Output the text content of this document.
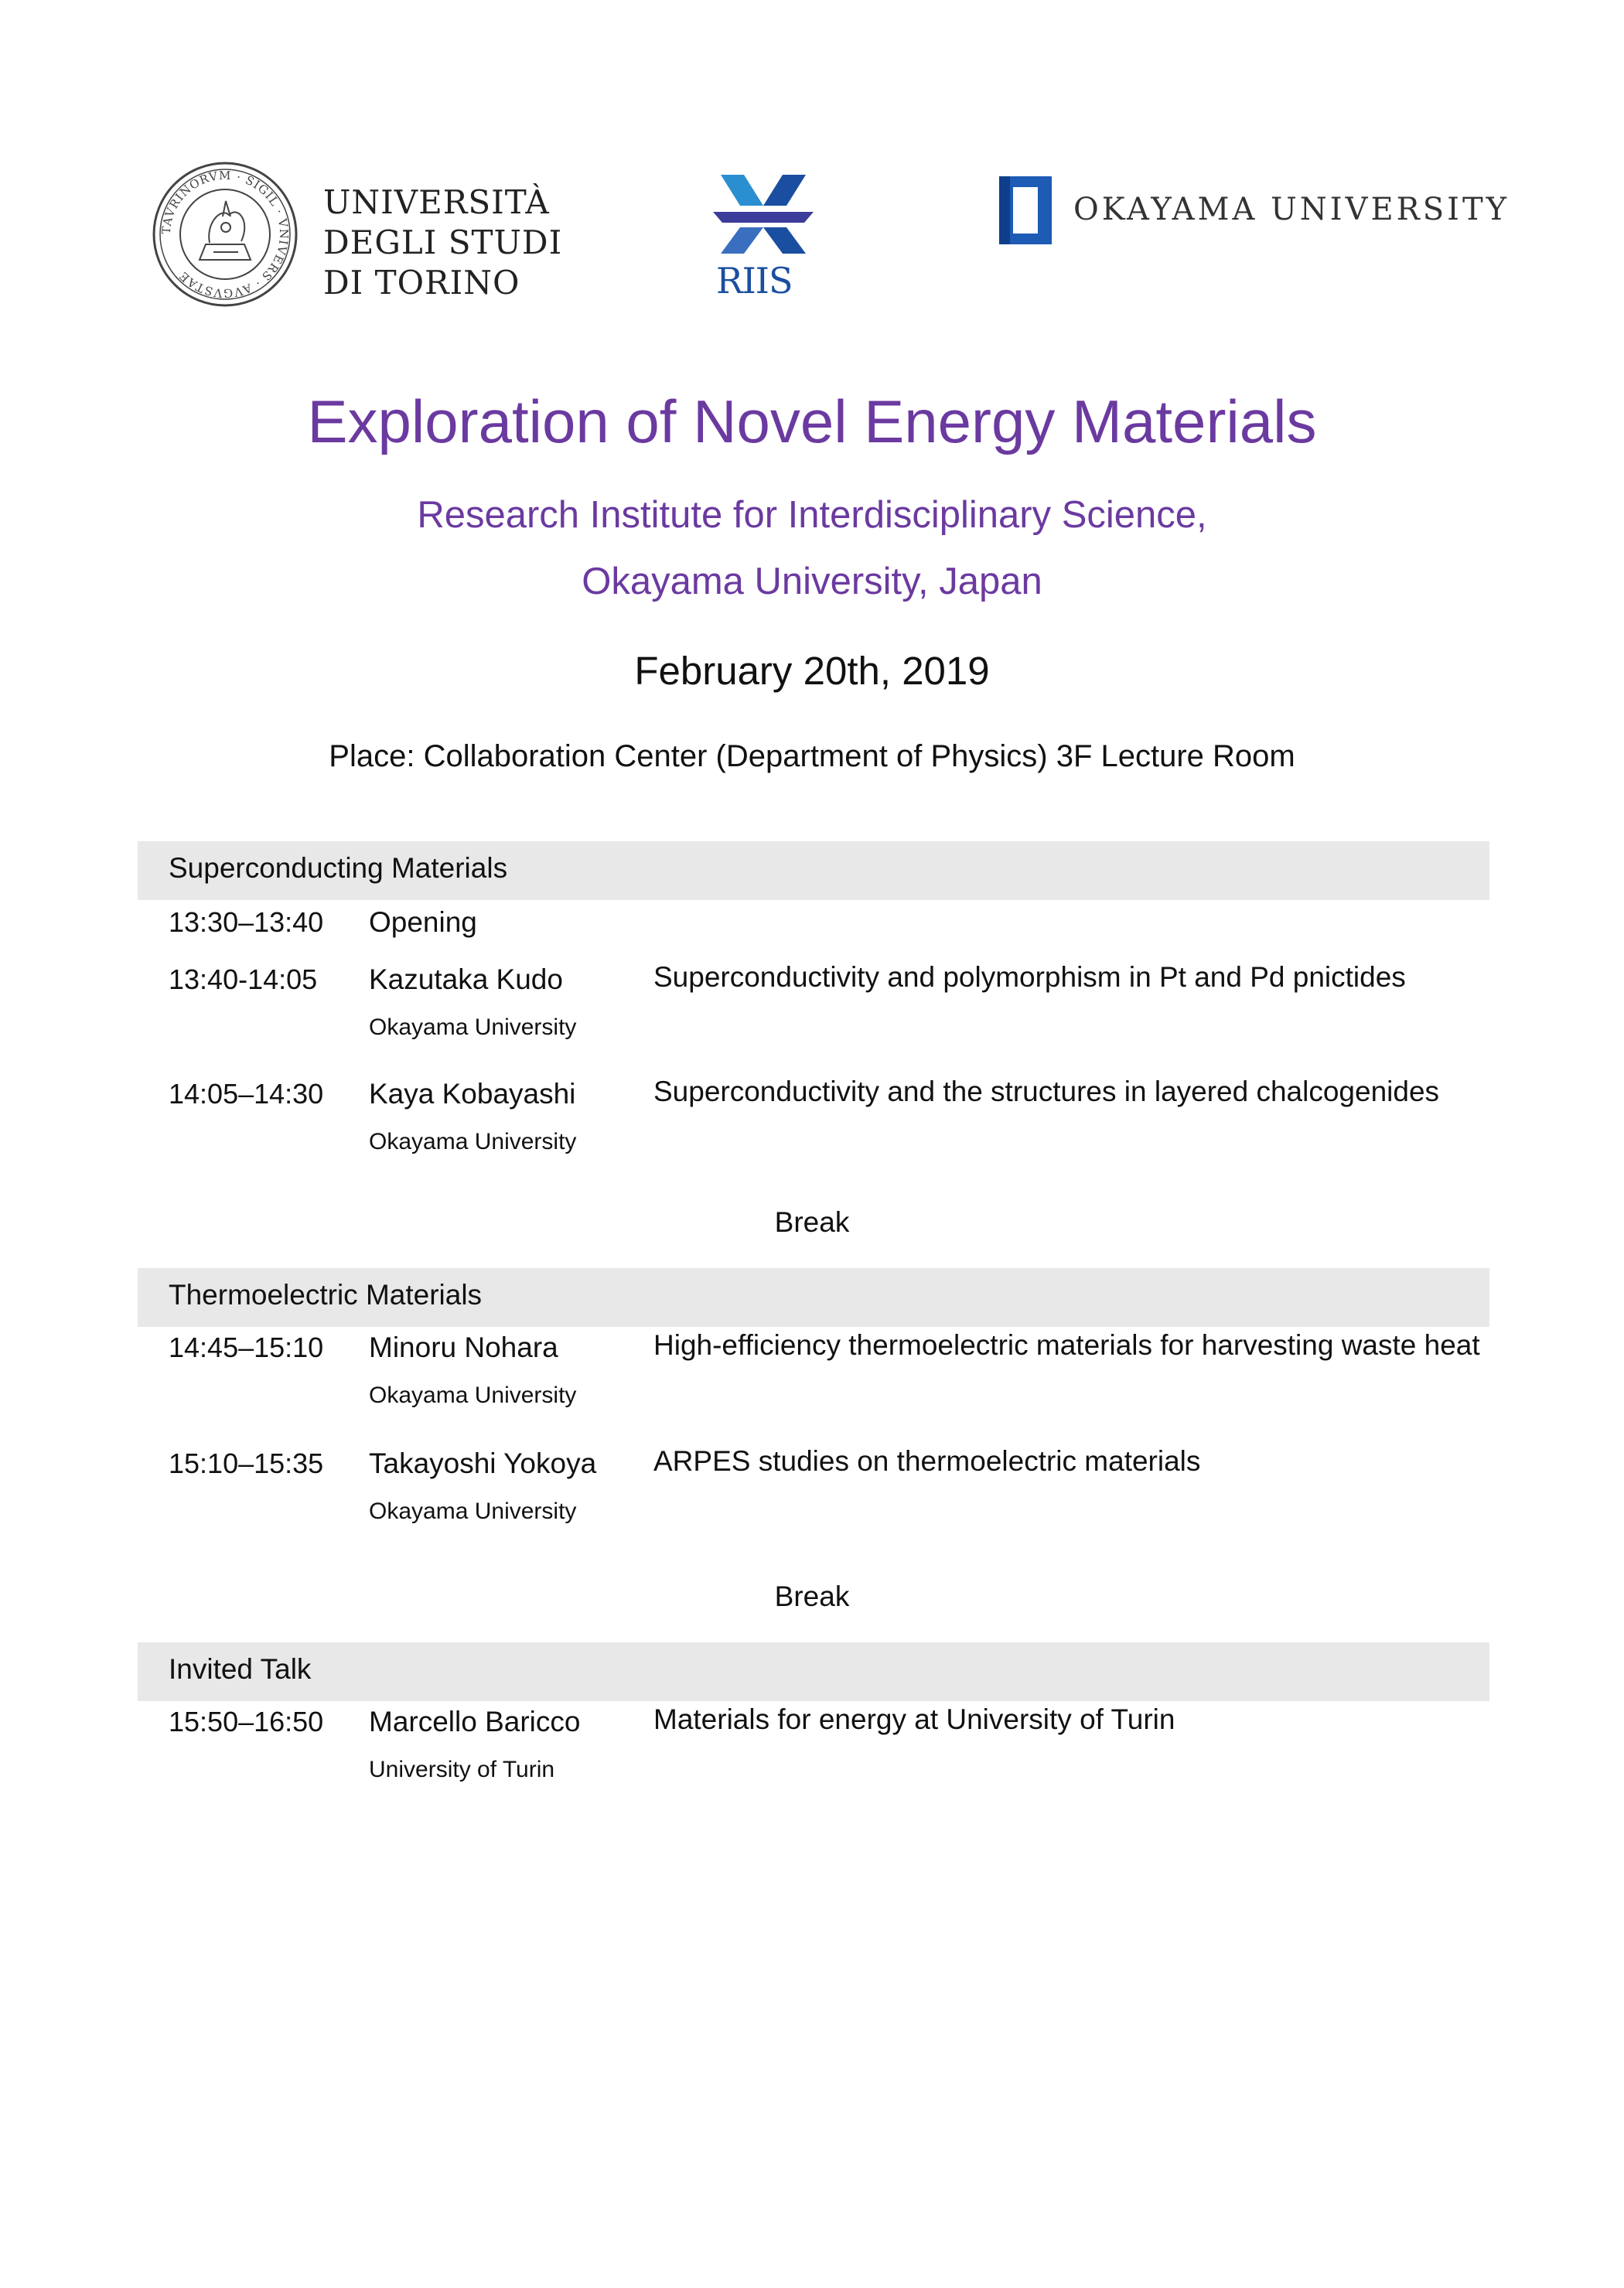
TAVRINORVM · SIGIL · VNIVERS · AVGVSTAE
UNIVERSITÀ
DEGLI STUDI
DI TORINO	RIIS
OKAYAMA UNIVERSITY
Exploration of Novel Energy Materials
Research Institute for Interdisciplinary Science,
Okayama University, Japan
February 20th, 2019
Place: Collaboration Center (Department of Physics) 3F Lecture Room
Superconducting Materials
13:30–13:40 Opening
13:40-14:05 Kazutaka Kudo
Okayama University
Superconductivity and polymorphism in Pt and Pd pnictides
14:05–14:30 Kaya Kobayashi
Okayama University
Superconductivity and the structures in layered chalcogenides
Break
Thermoelectric Materials
14:45–15:10 Minoru Nohara
Okayama University
High-efficiency thermoelectric materials for harvesting waste heat
15:10–15:35 Takayoshi Yokoya
Okayama University
ARPES studies on thermoelectric materials
Break
Invited Talk
15:50–16:50 Marcello Baricco
University of Turin
Materials for energy at University of Turin
